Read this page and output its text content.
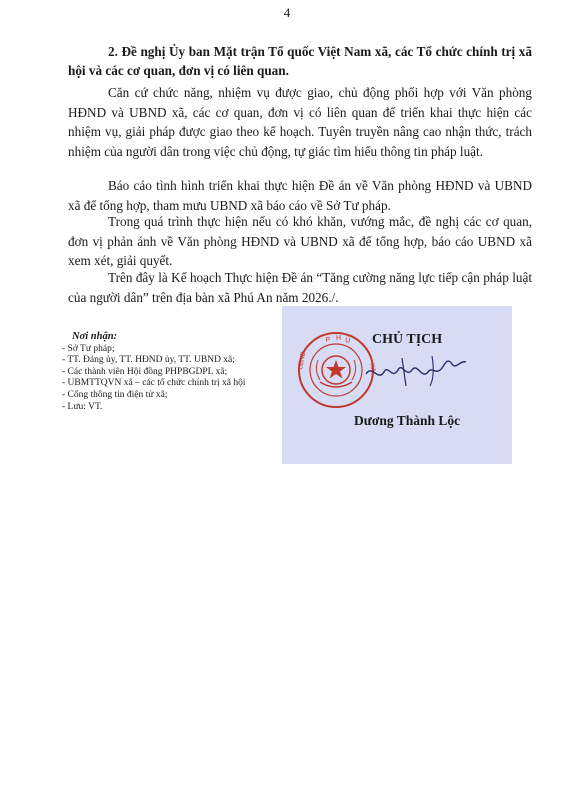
4
2. Đề nghị Ủy ban Mặt trận Tổ quốc Việt Nam xã, các Tổ chức chính trị xã hội và các cơ quan, đơn vị có liên quan.

Căn cứ chức năng, nhiệm vụ được giao, chủ động phối hợp với Văn phòng HĐND và UBND xã, các cơ quan, đơn vị có liên quan để triển khai thực hiện các nhiệm vụ, giải pháp được giao theo kế hoạch. Tuyên truyền nâng cao nhận thức, trách nhiệm của người dân trong việc chủ động, tự giác tìm hiểu thông tin pháp luật.

Báo cáo tình hình triển khai thực hiện Đề án về Văn phòng HĐND và UBND xã để tổng hợp, tham mưu UBND xã báo cáo về Sở Tư pháp.

Trong quá trình thực hiện nếu có khó khăn, vướng mắc, đề nghị các cơ quan, đơn vị phản ánh về Văn phòng HĐND và UBND xã để tổng hợp, báo cáo UBND xã xem xét, giải quyết.

Trên đây là Kế hoạch Thực hiện Đề án “Tăng cường năng lực tiếp cận pháp luật của người dân” trên địa bàn xã Phú An năm 2026./.

Nơi nhận:
- Sở Tư pháp;
- TT. Đảng ủy, TT. HĐND ủy, TT. UBND xã;
- Các thành viên Hội đồng PHPBGDPL xã;
- UBMTTQVN xã – các tổ chức chính trị xã hội
- Cổng thông tin điện tử xã;
- Lưu: VT.
P H Ú
UBND	XÃ
CHỦ TỊCH
Dương Thành Lộc
